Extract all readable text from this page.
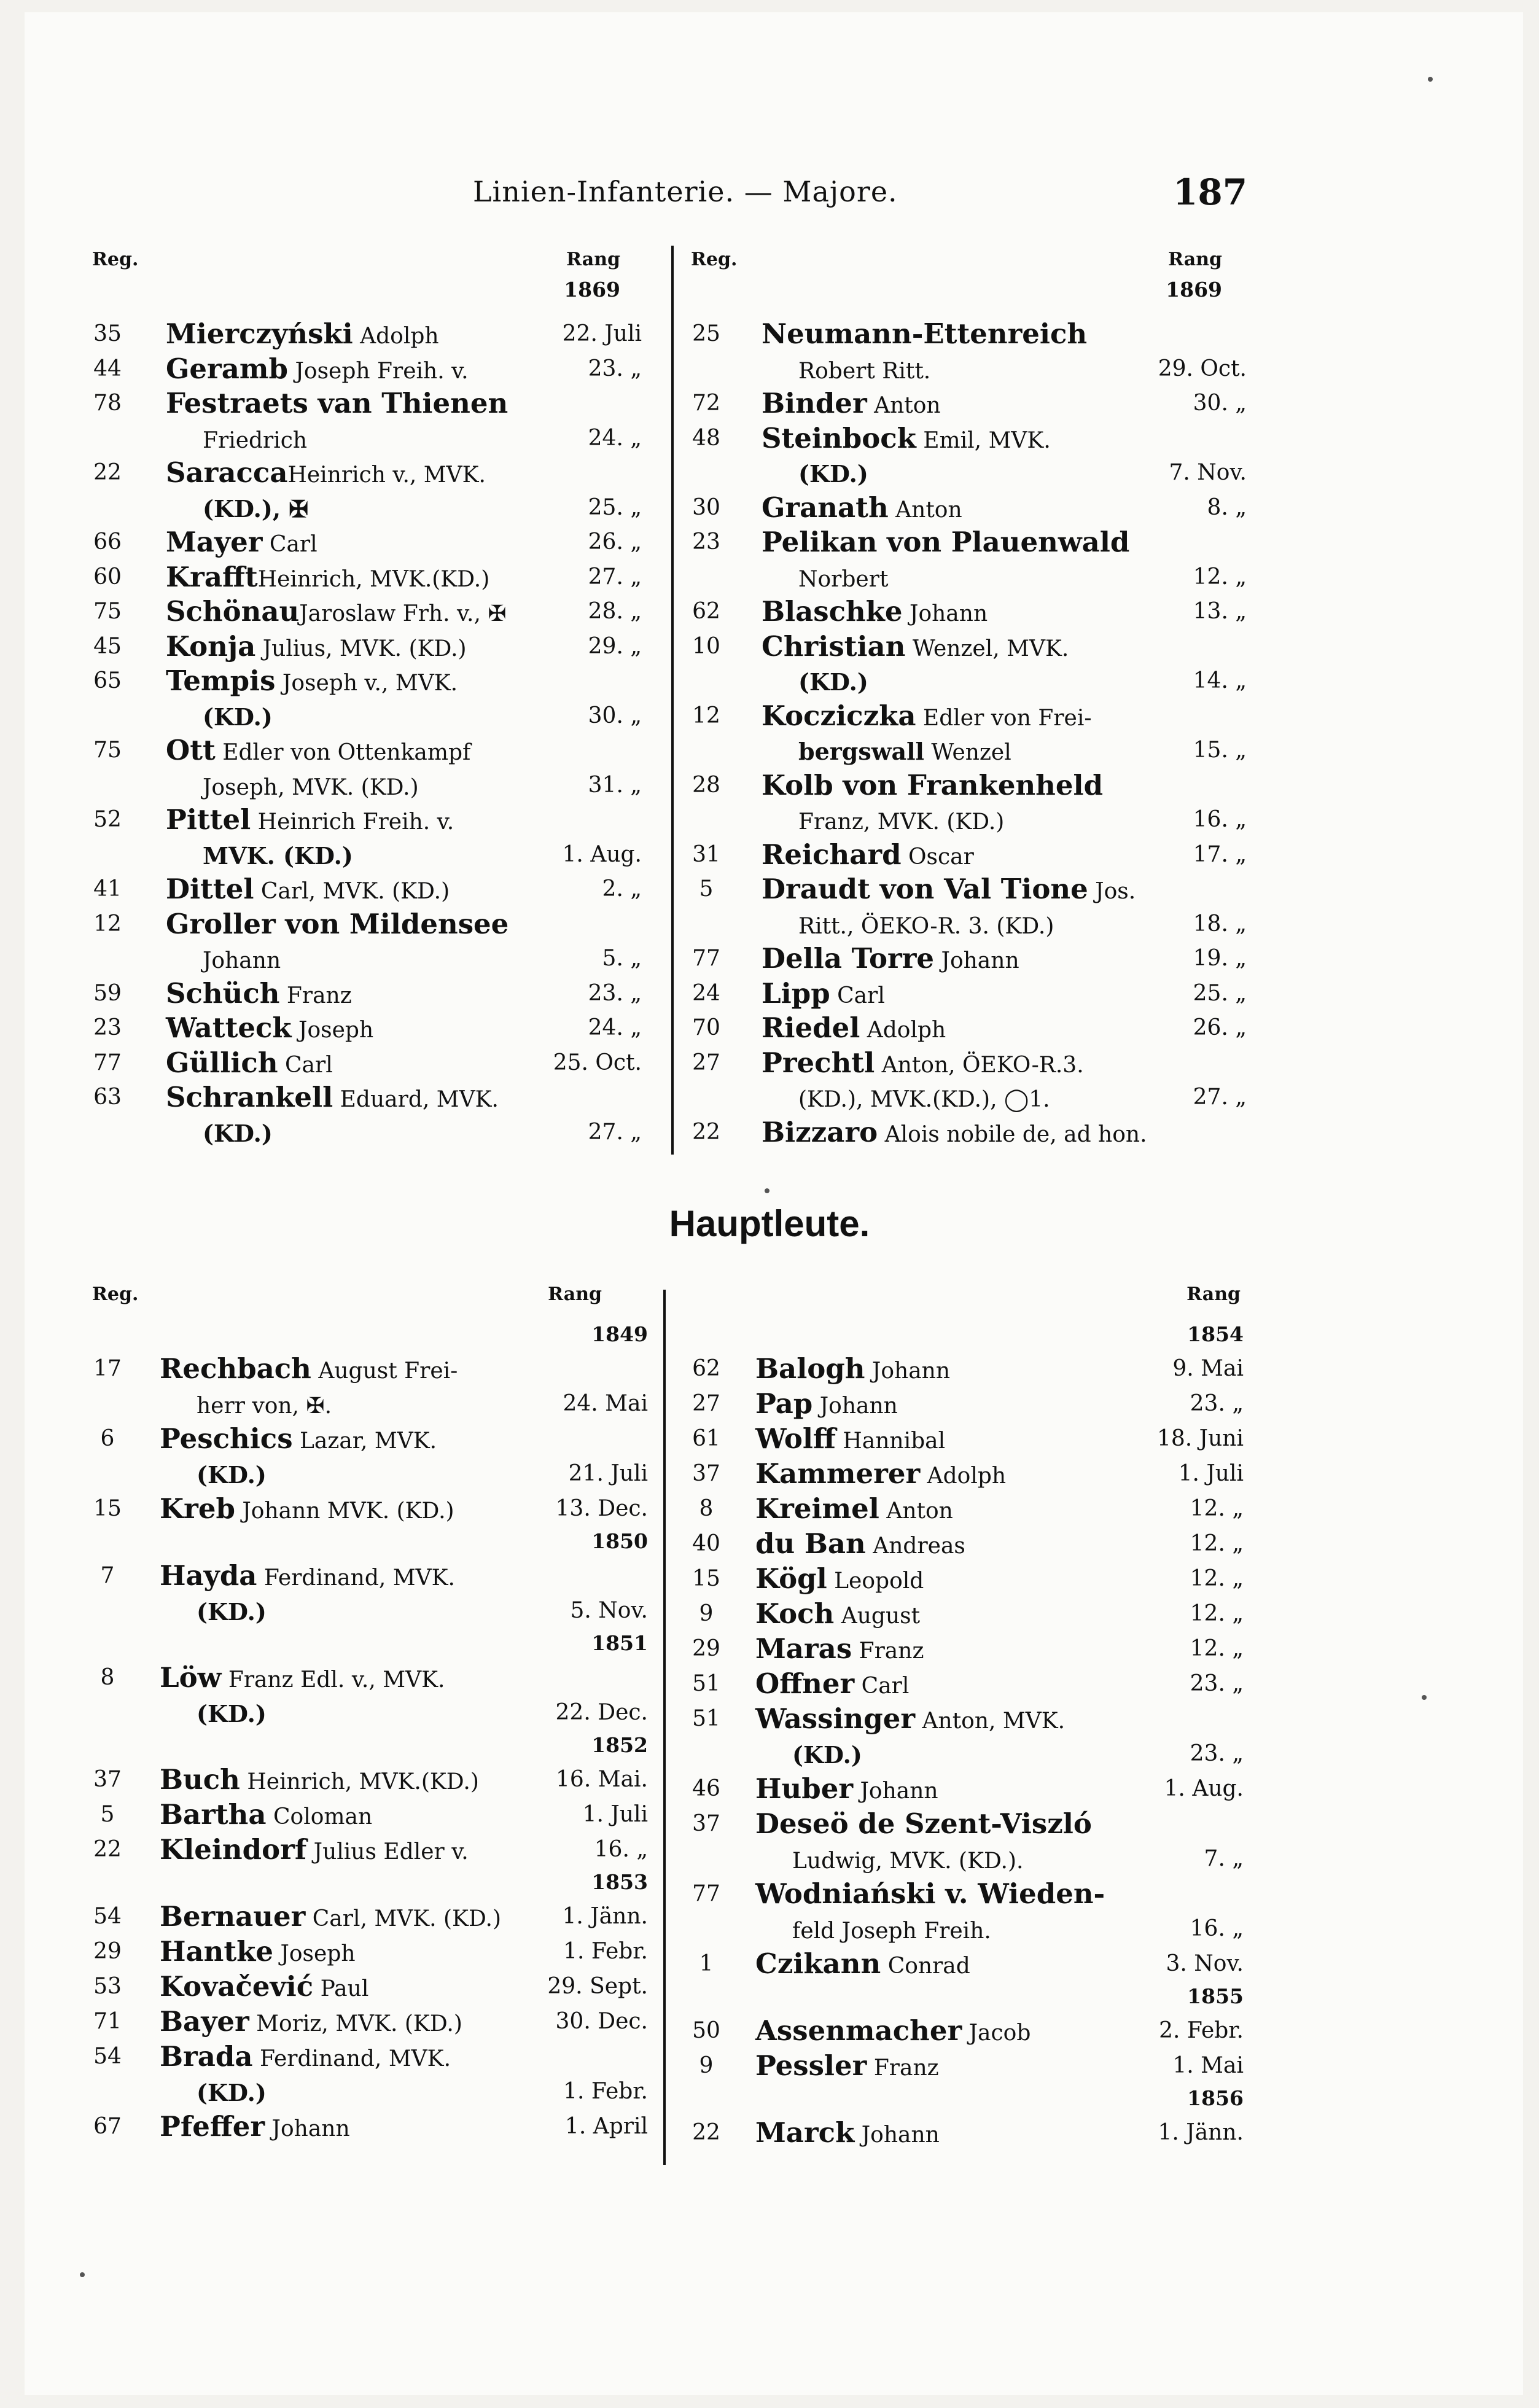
Linien-Infanterie. — Majore.	187
Reg.	Rang
1869
35	Mierczyński Adolph	22. Juli
44	Geramb Joseph Freih. v.	23. „
78	Festraets van Thienen
Friedrich	24. „
22	SaraccaHeinrich v., MVK.
(KD.), ✠	25. „
66	Mayer Carl	26. „
60	KrafftHeinrich, MVK.(KD.)	27. „
75	SchönauJaroslaw Frh. v., ✠	28. „
45	Konja Julius, MVK. (KD.)	29. „
65	Tempis Joseph v., MVK.
(KD.)	30. „
75	Ott Edler von Ottenkampf
Joseph, MVK. (KD.)	31. „
52	Pittel Heinrich Freih. v.
MVK. (KD.)	1. Aug.
41	Dittel Carl, MVK. (KD.)	2. „
12	Groller von Mildensee
Johann	5. „
59	Schüch Franz	23. „
23	Watteck Joseph	24. „
77	Güllich Carl	25. Oct.
63	Schrankell Eduard, MVK.
(KD.)	27. „
Reg.	Rang
1869
25	Neumann-Ettenreich
Robert Ritt.	29. Oct.
72	Binder Anton	30. „
48	Steinbock Emil, MVK.
(KD.)	7. Nov.
30	Granath Anton	8. „
23	Pelikan von Plauenwald
Norbert	12. „
62	Blaschke Johann	13. „
10	Christian Wenzel, MVK.
(KD.)	14. „
12	Kocziczka Edler von Frei-
bergswall Wenzel	15. „
28	Kolb von Frankenheld
Franz, MVK. (KD.)	16. „
31	Reichard Oscar	17. „
5	Draudt von Val Tione Jos.
Ritt., ÖEKO-R. 3. (KD.)	18. „
77	Della Torre Johann	19. „
24	Lipp Carl	25. „
70	Riedel Adolph	26. „
27	Prechtl Anton, ÖEKO-R.3.
(KD.), MVK.(KD.), ◯1.	27. „
22	Bizzaro Alois nobile de, ad hon.
Hauptleute.
Reg.	Rang
1849
17	Rechbach August Frei-
herr von, ✠.	24. Mai
6	Peschics Lazar, MVK.
(KD.)	21. Juli
15	Kreb Johann MVK. (KD.)	13. Dec.
1850
7	Hayda Ferdinand, MVK.
(KD.)	5. Nov.
1851
8	Löw Franz Edl. v., MVK.
(KD.)	22. Dec.
1852
37	Buch Heinrich, MVK.(KD.)	16. Mai.
5	Bartha Coloman	1. Juli
22	Kleindorf Julius Edler v.	16. „
1853
54	Bernauer Carl, MVK. (KD.)	1. Jänn.
29	Hantke Joseph	1. Febr.
53	Kovačević Paul	29. Sept.
71	Bayer Moriz, MVK. (KD.)	30. Dec.
54	Brada Ferdinand, MVK.
(KD.)	1. Febr.
67	Pfeffer Johann	1. April
Rang
1854
62	Balogh Johann	9. Mai
27	Pap Johann	23. „
61	Wolff Hannibal	18. Juni
37	Kammerer Adolph	1. Juli
8	Kreimel Anton	12. „
40	du Ban Andreas	12. „
15	Kögl Leopold	12. „
9	Koch August	12. „
29	Maras Franz	12. „
51	Offner Carl	23. „
51	Wassinger Anton, MVK.
(KD.)	23. „
46	Huber Johann	1. Aug.
37	Deseö de Szent-Viszló
Ludwig, MVK. (KD.).	7. „
77	Wodniański v. Wieden-
feld Joseph Freih.	16. „
1	Czikann Conrad	3. Nov.
1855
50	Assenmacher Jacob	2. Febr.
9	Pessler Franz	1. Mai
1856
22	Marck Johann	1. Jänn.
